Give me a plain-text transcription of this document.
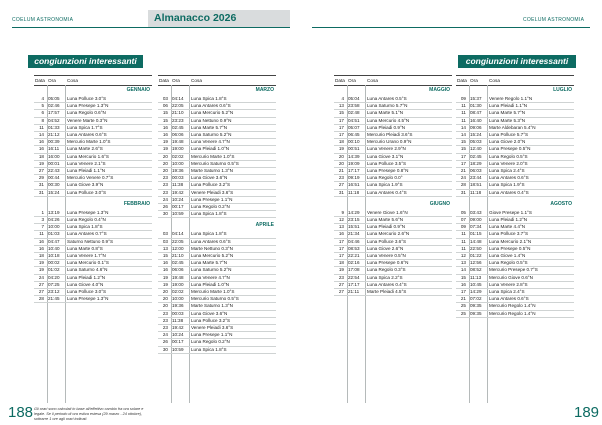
COELUM ASTRONOMIA	Almanacco 2026	COELUM ASTRONOMIA
congiunzioni interessanti	congiunzioni interessanti
188 Gli orari sono calcolati in base all'effettivo cambio fra ora solare e legale. Se il periodo di ora estiva estesa (29 marzo - 24 ottobre), sottrarre 1 ore agli orari indicati.	189
Data Ora Cosa
GENNAIO
4 05:05 Luna Polluce 3.0°S
5 02:46 Luna Presepe 1.3°N
6 17:57 Luna Regolo 0.6°N
8 04:52 Venere Marte 0.3°N
11 01:33 Luna Spica 1.7°S
14 21:12 Luna Antares 0.6°S
16 00:39 Mercurio Marte 1.0°S
16 16:11 Luna Marte 2.6°S
18 16:00 Luna Mercurio 1.6°S
19 00:01 Luna Venere 2.1°S
27 22:43 Luna Pleiadi 1.1°N
29 00:44 Mercurio Venere 0.7°S
31 00:30 Luna Giove 3.9°N
31 15:24 Luna Polluce 3.0°S
FEBBRAIO
1 13:19 Luna Presepe 1.3°N
3 04:26 Luna Regolo 0.4°N
7 10:00 Luna Spica 1.8°S
11 01:03 Luna Antares 0.7°S
16 04:47 Saturno Nettuno 0.9°S
16 10:40 Luna Marte 0.8°S
18 10:18 Luna Venere 1.7°N
19 00:02 Luna Mercurio 0.1°S
19 01:02 Luna Saturno 4.6°N
24 04:20 Luna Pleiadi 1.2°N
27 07:25 Luna Giove 4.0°N
27 23:12 Luna Polluce 3.0°S
28 21:45 Luna Presepe 1.3°N
Data Ora Cosa
MARZO
03 04:14 Luna Spica 1.8°S
06 22:05 Luna Antares 0.6°S
15 21:10 Luna Mercurio 5.2°N
15 23:23 Luna Nettuno 0.9°N
16 02:45 Luna Marte 5.7°N
16 06:06 Luna Saturno 5.2°N
19 19:48 Luna Venere 4.7°N
19 19:00 Luna Pleiadi 1.0°N
20 02:02 Mercurio Marte 1.0°S
20 10:00 Mercurio Saturno 0.5°S
20 19:36 Marte Saturno 1.3°N
23 00:03 Luna Giove 3.6°N
23 11:38 Luna Polluce 3.2°S
23 19:42 Venere Pleiadi 3.6°S
24 10:24 Luna Presepe 1.1°N
26 00:17 Luna Regolo 0.2°N
30 10:59 Luna Spica 1.8°S
APRILE
03 04:14 Luna Spica 1.8°S
03 22:05 Luna Antares 0.6°S
13 12:00 Marte Nettuno 0.3°N
15 21:10 Luna Mercurio 5.2°N
16 02:45 Luna Marte 5.7°N
16 06:06 Luna Saturno 5.2°N
19 19:48 Luna Venere 4.7°N
19 19:00 Luna Pleiadi 1.0°N
20 02:02 Mercurio Marte 1.0°S
20 10:00 Mercurio Saturno 0.5°S
20 19:36 Marte Saturno 1.3°N
23 00:03 Luna Giove 3.6°N
23 11:38 Luna Polluce 3.2°S
23 19:42 Venere Pleiadi 3.6°S
24 10:24 Luna Presepe 1.1°N
26 00:17 Luna Regolo 0.2°N
30 10:59 Luna Spica 1.8°S
Data Ora Cosa
MAGGIO
4 05:04 Luna Antares 0.5°S
13 23:58 Luna Saturno 5.7°N
15 02:48 Luna Marte 5.1°N
17 04:51 Luna Mercurio 4.5°N
17 05:07 Luna Pleiadi 0.9°N
17 06:45 Mercurio Pleiadi 3.6°S
18 00:10 Mercurio Urano 0.9°N
19 00:51 Luna Venere 2.9°N
20 14:39 Luna Giove 3.1°N
20 19:09 Luna Polluce 3.5°S
21 17:17 Luna Presepe 0.8°N
23 09:19 Luna Regolo 0.0°
27 16:51 Luna Spica 1.9°S
31 11:18 Luna Antares 0.4°S
GIUGNO
9 14:29 Venere Giove 1.6°N
12 23:15 Luna Marte 5.6°N
13 15:51 Luna Pleiadi 0.9°N
16 21:34 Luna Mercurio 2.6°N
17 04:46 Luna Polluce 3.6°S
17 08:53 Luna Giove 2.6°N
17 22:21 Luna Venere 0.5°N
18 02:16 Luna Presepe 0.6°N
19 17:08 Luna Regolo 0.3°S
23 22:54 Luna Spica 2.2°S
27 17:17 Luna Antares 0.4°S
27 21:11 Marte Pleiadi 4.5°S
Data Ora Cosa
LUGLIO
09 15:37 Venere Regolo 1.1°N
11 01:30 Luna Pleiadi 1.1°N
11 08:47 Luna Marte 5.7°N
11 16:40 Luna Marte 5.3°N
14 09:06 Marte Aldebaran 5.4°N
14 15:24 Luna Polluce 5.7°S
15 05:03 Luna Giove 2.0°N
15 12:40 Luna Presepe 0.5°N
17 02:45 Luna Regolo 0.5°S
17 18:29 Luna Venere 2.0°S
21 06:03 Luna Spica 2.4°S
24 23:44 Luna Antares 0.6°S
28 18:51 Luna Spica 1.9°S
31 11:18 Luna Antares 0.4°S
AGOSTO
05 03:43 Giove Presepe 1.1°S
07 09:00 Luna Pleiadi 1.2°N
09 07:34 Luna Marte 4.4°N
11 01:15 Luna Polluce 3.7°S
11 14:48 Luna Mercurio 2.1°N
11 22:50 Luna Presepe 0.5°N
12 01:22 Luna Giove 1.4°N
13 12:56 Luna Regolo 0.5°S
14 08:52 Mercurio Presepe 0.7°S
15 11:13 Mercurio Giove 0.6°N
16 10:45 Luna Venere 2.8°S
17 14:29 Luna Spica 2.4°S
21 07:02 Luna Antares 0.6°S
25 09:35 Mercurio Regolo 1.4°N
25 09:35 Mercurio Regolo 1.4°N
